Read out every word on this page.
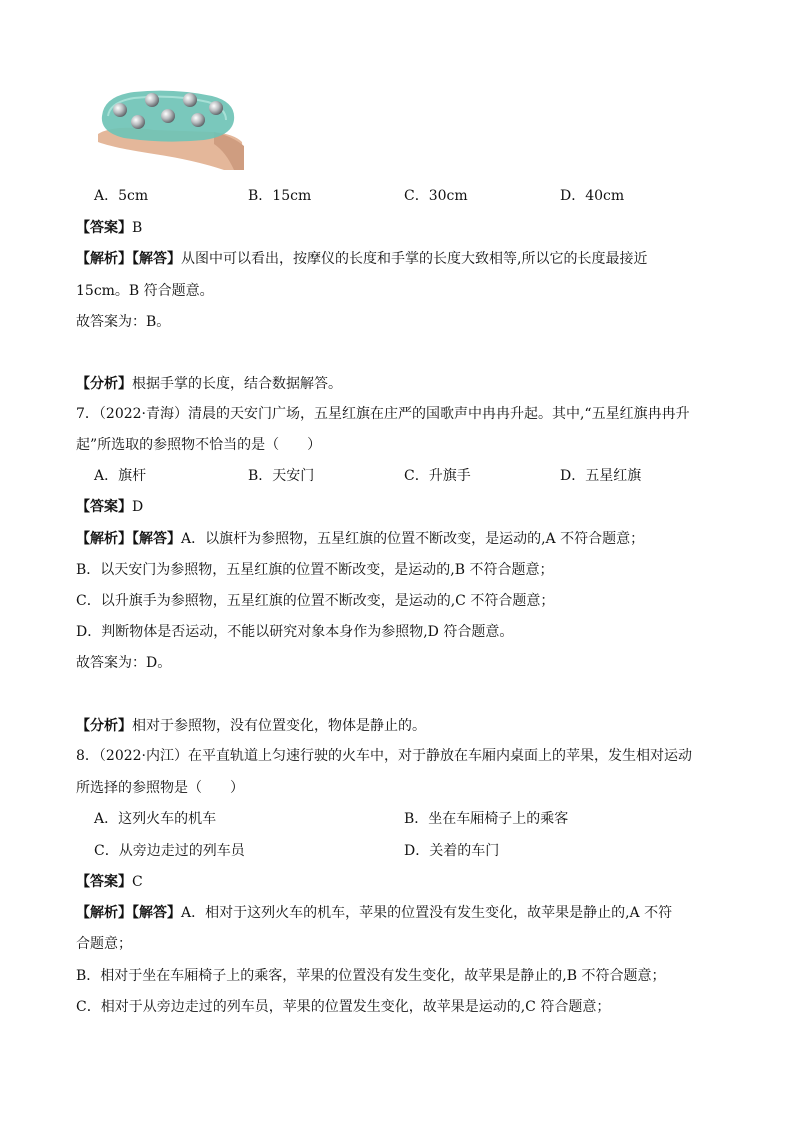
A．5cm	B．15cm	C．30cm	D．40cm
【答案】B
【解析】【解答】从图中可以看出，按摩仪的长度和手掌的长度大致相等,所以它的长度最接近
15cm。B 符合题意。
故答案为：B。
【分析】根据手掌的长度，结合数据解答。
7．（2022·青海）清晨的天安门广场，五星红旗在庄严的国歌声中冉冉升起。其中,“五星红旗冉冉升
起”所选取的参照物不恰当的是（　　）
A．旗杆	B．天安门	C．升旗手	D．五星红旗
【答案】D
【解析】【解答】A．以旗杆为参照物，五星红旗的位置不断改变，是运动的,A 不符合题意；
B．以天安门为参照物，五星红旗的位置不断改变，是运动的,B 不符合题意；
C．以升旗手为参照物，五星红旗的位置不断改变，是运动的,C 不符合题意；
D．判断物体是否运动，不能以研究对象本身作为参照物,D 符合题意。
故答案为：D。
【分析】相对于参照物，没有位置变化，物体是静止的。
8．（2022·内江）在平直轨道上匀速行驶的火车中，对于静放在车厢内桌面上的苹果，发生相对运动
所选择的参照物是（　　）
A．这列火车的机车	B．坐在车厢椅子上的乘客
C．从旁边走过的列车员	D．关着的车门
【答案】C
【解析】【解答】A．相对于这列火车的机车，苹果的位置没有发生变化，故苹果是静止的,A 不符
合题意；
B．相对于坐在车厢椅子上的乘客，苹果的位置没有发生变化，故苹果是静止的,B 不符合题意；
C．相对于从旁边走过的列车员，苹果的位置发生变化，故苹果是运动的,C 符合题意；
